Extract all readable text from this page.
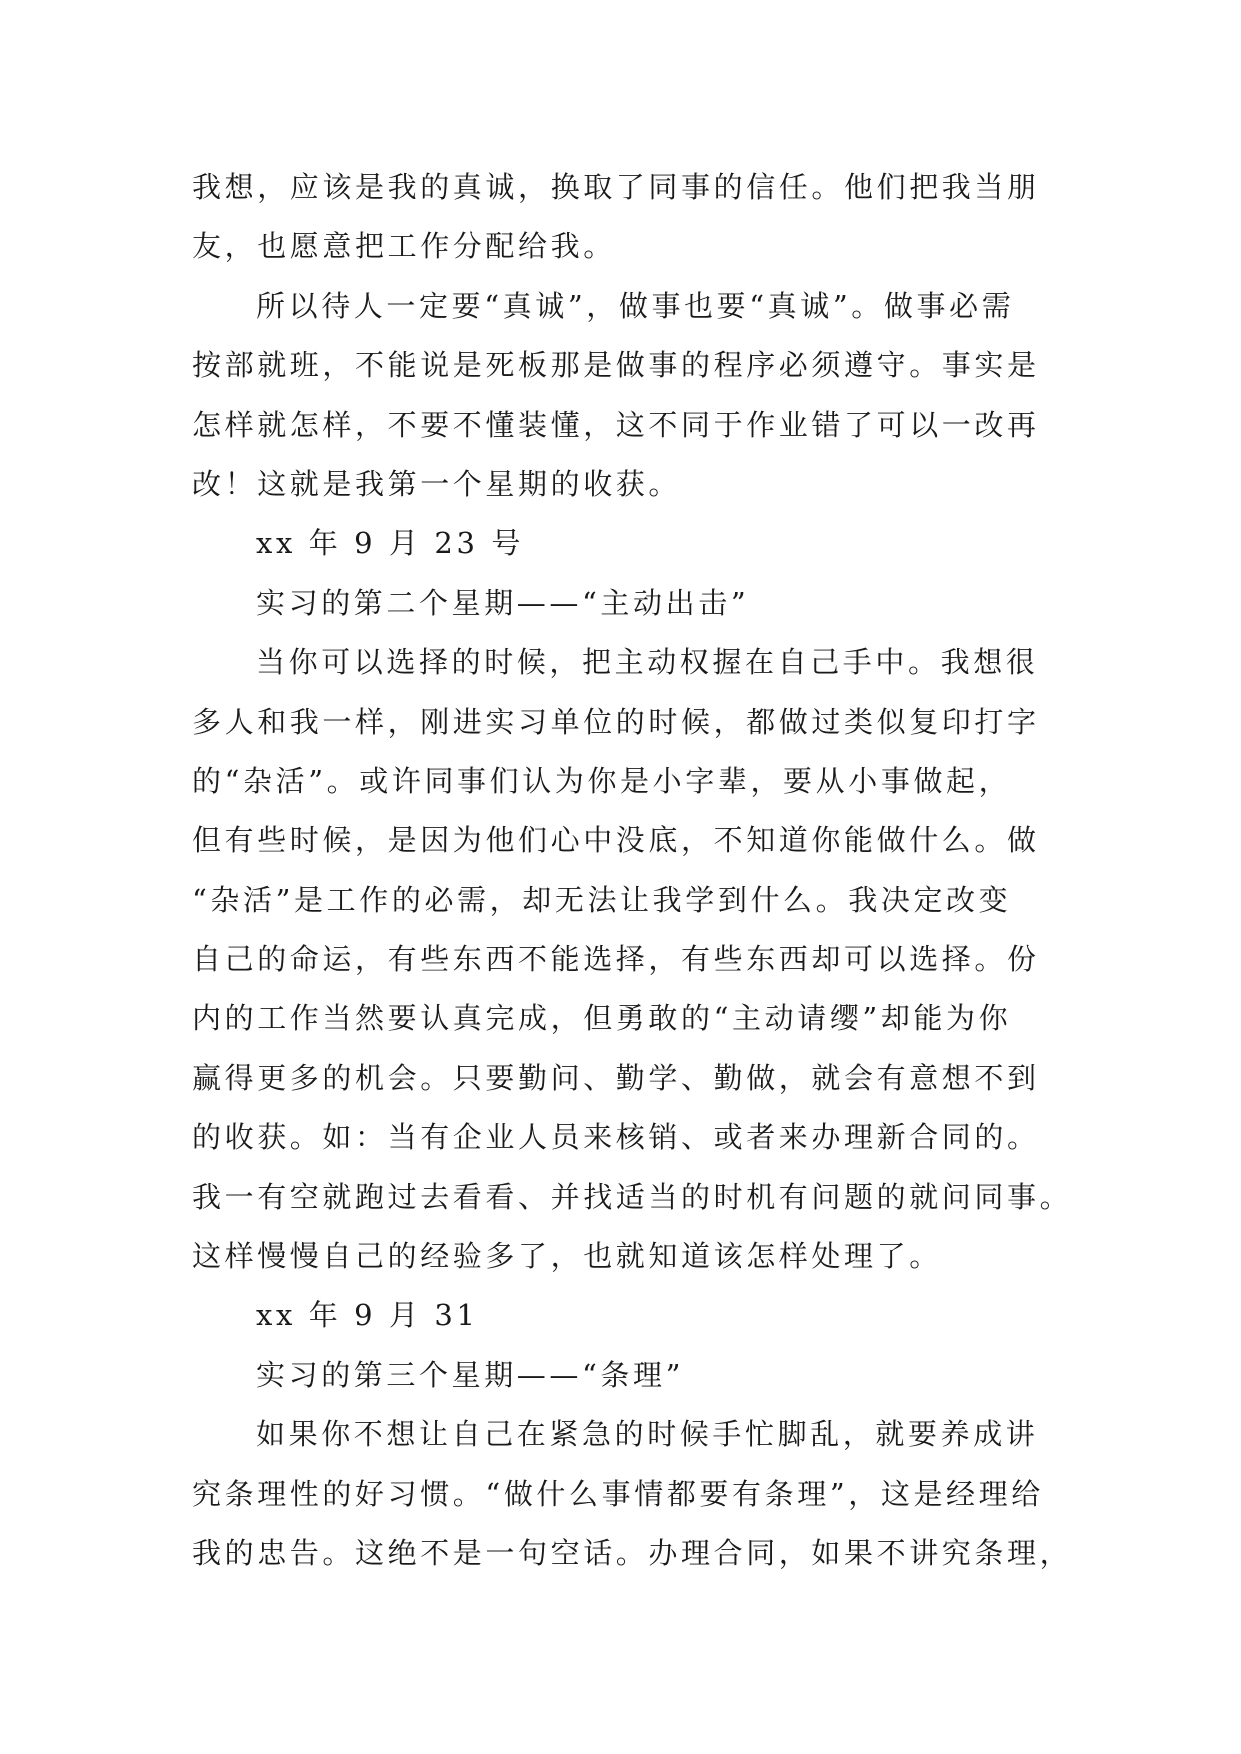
我想，应该是我的真诚，换取了同事的信任。他们把我当朋
友，也愿意把工作分配给我。
所以待人一定要“真诚”，做事也要“真诚”。做事必需
按部就班，不能说是死板那是做事的程序必须遵守。事实是
怎样就怎样，不要不懂装懂，这不同于作业错了可以一改再
改！这就是我第一个星期的收获。
xx 年 9 月 23 号
实习的第二个星期——“主动出击”
当你可以选择的时候，把主动权握在自己手中。我想很
多人和我一样，刚进实习单位的时候，都做过类似复印打字
的“杂活”。或许同事们认为你是小字辈，要从小事做起，
但有些时候，是因为他们心中没底，不知道你能做什么。做
“杂活”是工作的必需，却无法让我学到什么。我决定改变
自己的命运，有些东西不能选择，有些东西却可以选择。份
内的工作当然要认真完成，但勇敢的“主动请缨”却能为你
赢得更多的机会。只要勤问、勤学、勤做，就会有意想不到
的收获。如：当有企业人员来核销、或者来办理新合同的。
我一有空就跑过去看看、并找适当的时机有问题的就问同事。
这样慢慢自己的经验多了，也就知道该怎样处理了。
xx 年 9 月 31
实习的第三个星期——“条理”
如果你不想让自己在紧急的时候手忙脚乱，就要养成讲
究条理性的好习惯。“做什么事情都要有条理”，这是经理给
我的忠告。这绝不是一句空话。办理合同，如果不讲究条理，
